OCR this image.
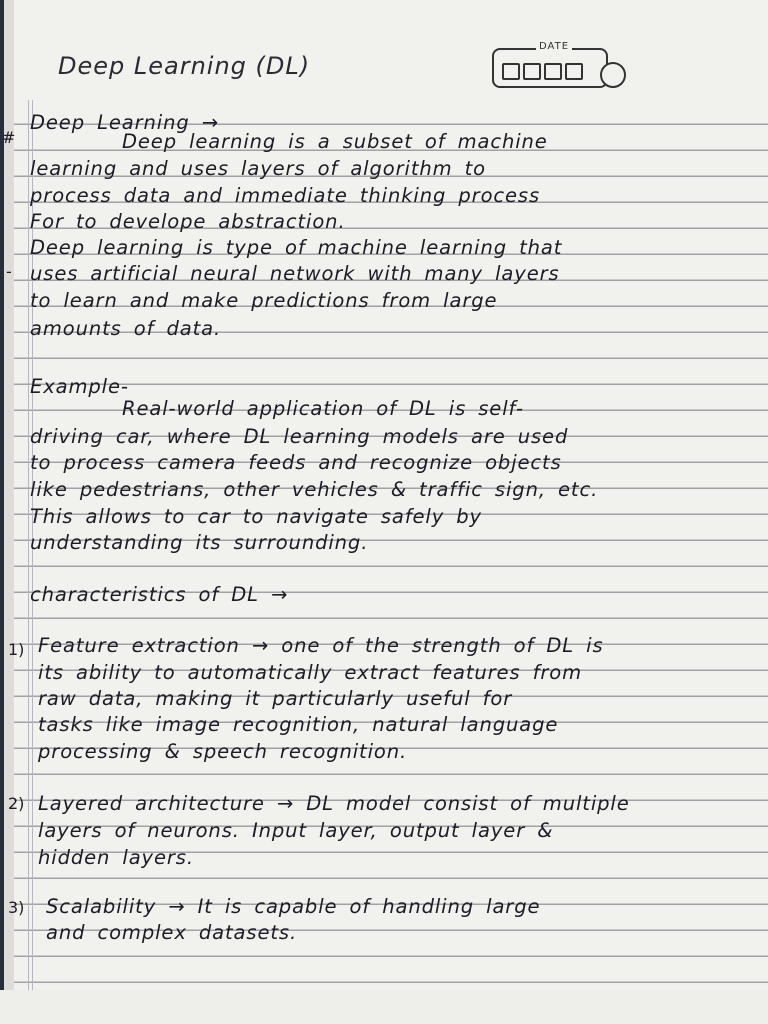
Deep Learning (DL)
DATE
#
-
1)
2)
3)
Deep Learning →
Deep learning is a subset of machine
learning and uses layers of algorithm to
process data and immediate thinking process
For to develope abstraction.
Deep learning is type of machine learning that
uses artificial neural network with many layers
to learn and make predictions from large
amounts of data.
Example-
Real-world application of DL is self-
driving car, where DL learning models are used
to process camera feeds and recognize objects
like pedestrians, other vehicles & traffic sign, etc.
This allows to car to navigate safely by
understanding its surrounding.
characteristics of DL →
Feature extraction → one of the strength of DL is
its ability to automatically extract features from
raw data, making it particularly useful for
tasks like image recognition, natural language
processing & speech recognition.
Layered architecture → DL model consist of multiple
layers of neurons. Input layer, output layer &
hidden layers.
Scalability → It is capable of handling large
and complex datasets.
